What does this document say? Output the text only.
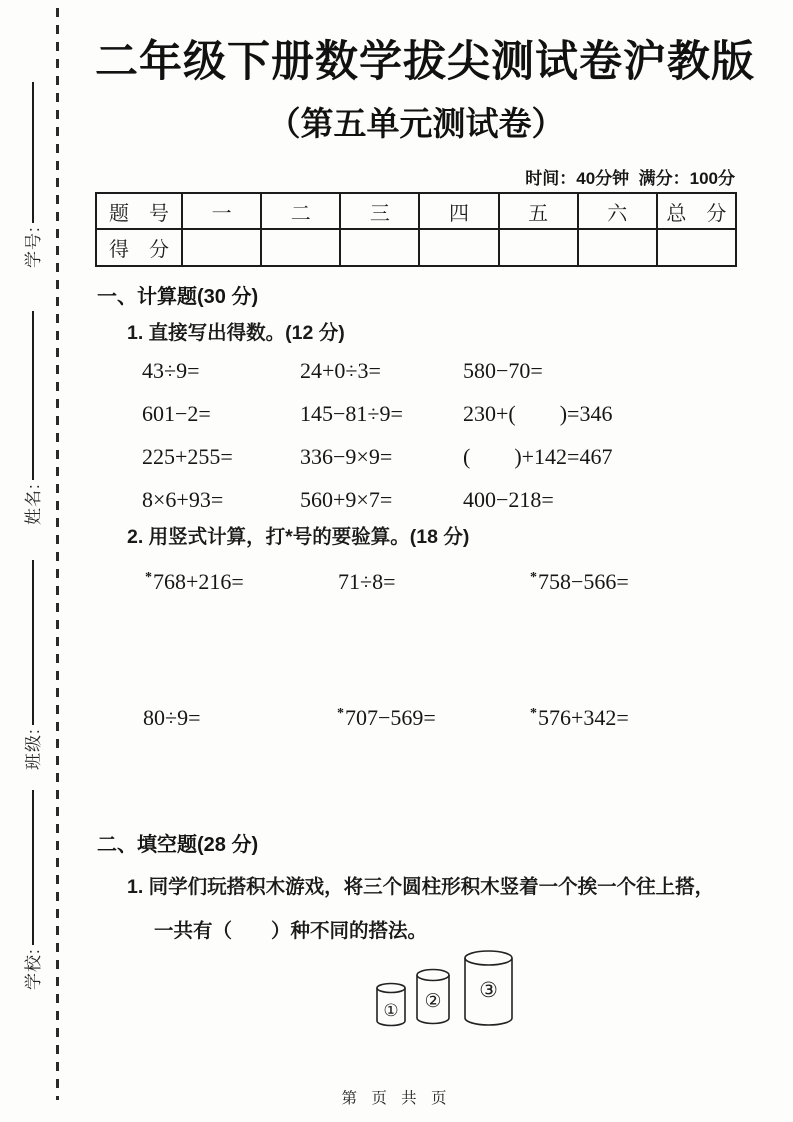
学号:
姓名:
班级:
学校:
二年级下册数学拔尖测试卷沪教版
（第五单元测试卷）
时间：40分钟  满分：100分
题　号	一	二	三	四	五	六	总　分
得　分							
一、计算题(30 分)
1. 直接写出得数。(12 分)
43÷9=	24+0÷3=	580−70=
601−2=	145−81÷9=	230+(        )=346
225+255=	336−9×9=	(        )+142=467
8×6+93=	560+9×7=	400−218=
2. 用竖式计算，打*号的要验算。(18 分)
*768+216=	71÷8=	*758−566=
80÷9=	*707−569=	*576+342=
二、填空题(28 分)
1. 同学们玩搭积木游戏，将三个圆柱形积木竖着一个挨一个往上搭，
一共有（　　）种不同的搭法。
① ② ③
第 页 共 页
